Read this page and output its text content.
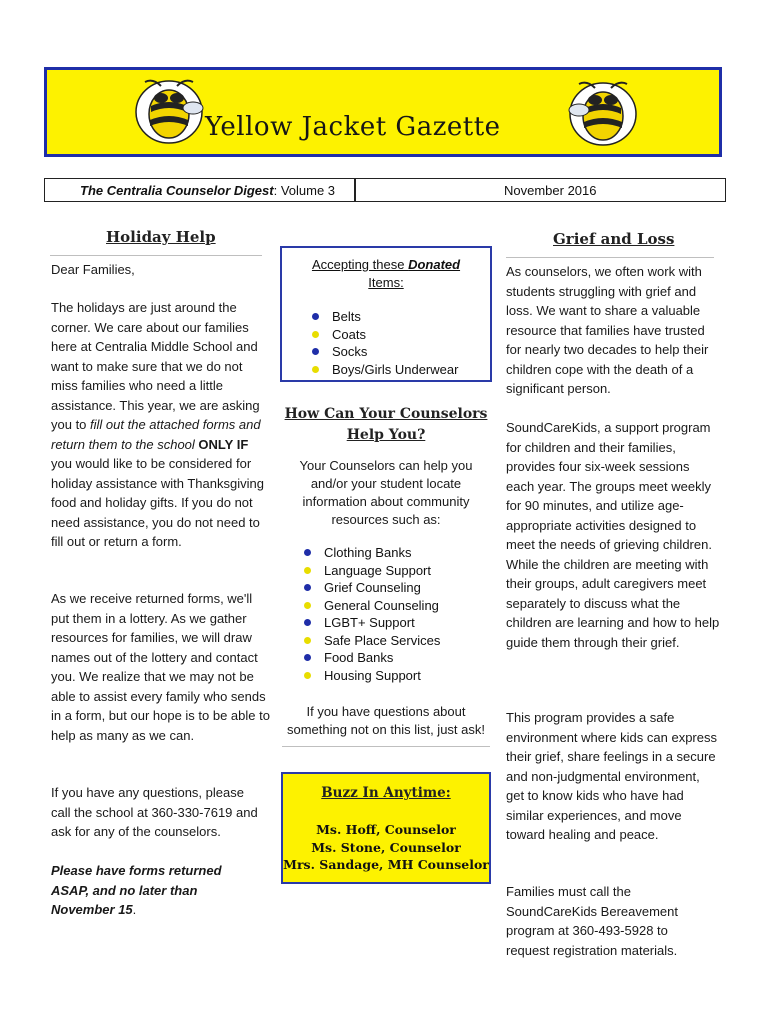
Yellow Jacket Gazette
The Centralia Counselor Digest: Volume 3	November 2016
Holiday Help
Dear Families,
The holidays are just around the corner. We care about our families here at Centralia Middle School and want to make sure that we do not miss families who need a little assistance. This year, we are asking you to fill out the attached forms and return them to the school ONLY IF you would like to be considered for holiday assistance with Thanksgiving food and holiday gifts. If you do not need assistance, you do not need to fill out or return a form.
As we receive returned forms, we'll put them in a lottery. As we gather resources for families, we will draw names out of the lottery and contact you. We realize that we may not be able to assist every family who sends in a form, but our hope is to be able to help as many as we can.
If you have any questions, please call the school at 360-330-7619 and ask for any of the counselors.
Please have forms returned ASAP, and no later than November 15.
Accepting these Donated
Items:
Belts
Coats
Socks
Boys/Girls Underwear
How Can Your Counselors
Help You?
Your Counselors can help you and/or your student locate information about community resources such as:
Clothing Banks
Language Support
Grief Counseling
General Counseling
LGBT+ Support
Safe Place Services
Food Banks
Housing Support
If you have questions about something not on this list, just ask!
Buzz In Anytime:
Ms. Hoff, Counselor
Ms. Stone, Counselor
Mrs. Sandage, MH Counselor
Grief and Loss
As counselors, we often work with students struggling with grief and loss. We want to share a valuable resource that families have trusted for nearly two decades to help their children cope with the death of a significant person.
SoundCareKids, a support program for children and their families, provides four six-week sessions each year. The groups meet weekly for 90 minutes, and utilize age-appropriate activities designed to meet the needs of grieving children. While the children are meeting with their groups, adult caregivers meet separately to discuss what the children are learning and how to help guide them through their grief.
This program provides a safe environment where kids can express their grief, share feelings in a secure and non-judgmental environment, get to know kids who have had similar experiences, and move toward healing and peace.
Families must call the SoundCareKids Bereavement program at 360-493-5928 to request registration materials.
